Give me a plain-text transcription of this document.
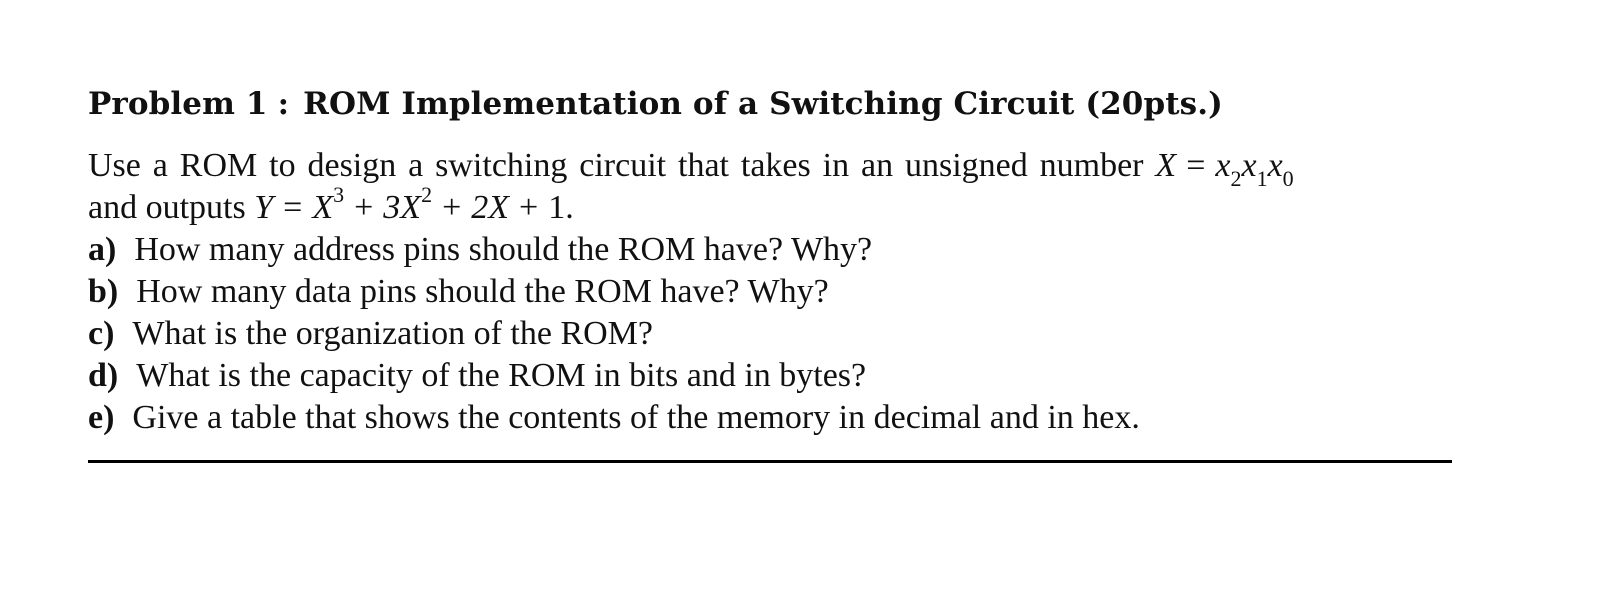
Problem 1 : ROM Implementation of a Switching Circuit (20pts.)
Use a ROM to design a switching circuit that takes in an unsigned number $X = x_2x_1x_0$
and outputs $Y = X^3 + 3X^2 + 2X + 1$.
a) How many address pins should the ROM have? Why?
b) How many data pins should the ROM have? Why?
c) What is the organization of the ROM?
d) What is the capacity of the ROM in bits and in bytes?
e) Give a table that shows the contents of the memory in decimal and in hex.
